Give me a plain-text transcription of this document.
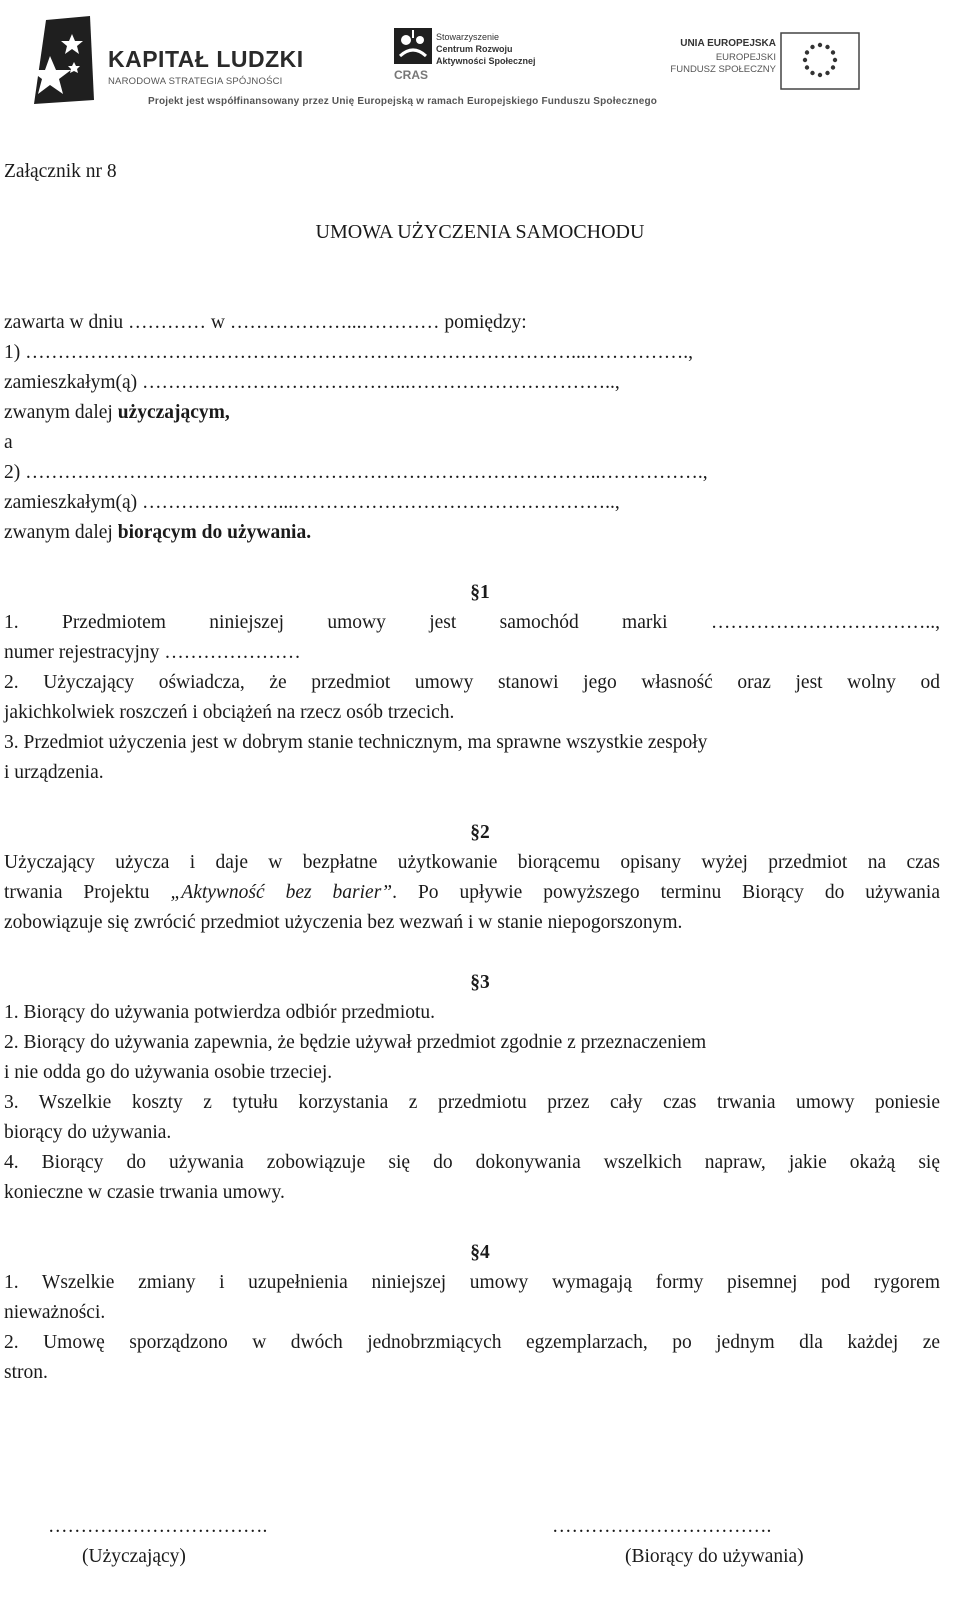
KAPITAŁ LUDZKI
NARODOWA STRATEGIA SPÓJNOŚCI
Stowarzyszenie
Centrum Rozwoju
Aktywności Społecznej
CRAS
UNIA EUROPEJSKA
EUROPEJSKI
FUNDUSZ SPOŁECZNY
Projekt jest współfinansowany przez Unię Europejską w ramach Europejskiego Funduszu Społecznego
Załącznik nr 8
UMOWA UŻYCZENIA SAMOCHODU
zawarta w dniu ………… w ………………...………… pomiędzy:
1) …………………………………………………………………………...…………….,
zamieszkałym(ą) …………………………………...…………………………..,
zwanym dalej użyczającym,
a
2) ……………………………………………………………………………..…………….,
zamieszkałym(ą) …………………...…………………………………………..,
zwanym dalej biorącym do używania.
§1
1. Przedmiotem niniejszej umowy jest samochód marki ……………………………..,
numer rejestracyjny …………………
2. Użyczający oświadcza, że przedmiot umowy stanowi jego własność oraz jest wolny od
jakichkolwiek roszczeń i obciążeń na rzecz osób trzecich.
3. Przedmiot użyczenia jest w dobrym stanie technicznym, ma sprawne wszystkie zespoły
i urządzenia.
§2
Użyczający użycza i daje w bezpłatne użytkowanie biorącemu opisany wyżej przedmiot na czas
trwania Projektu „Aktywność bez barier”. Po upływie powyższego terminu Biorący do używania
zobowiązuje się zwrócić przedmiot użyczenia bez wezwań i w stanie niepogorszonym.
§3
1. Biorący do używania potwierdza odbiór przedmiotu.
2. Biorący do używania zapewnia, że będzie używał przedmiot zgodnie z przeznaczeniem
i nie odda go do używania osobie trzeciej.
3. Wszelkie koszty z tytułu korzystania z przedmiotu przez cały czas trwania umowy poniesie
biorący do używania.
4. Biorący do używania zobowiązuje się do dokonywania wszelkich napraw, jakie okażą się
konieczne w czasie trwania umowy.
§4
1. Wszelkie zmiany i uzupełnienia niniejszej umowy wymagają formy pisemnej pod rygorem
nieważności.
2. Umowę sporządzono w dwóch jednobrzmiących egzemplarzach, po jednym dla każdej ze
stron.
…………………………….
(Użyczający)
…………………………….
(Biorący do używania)
